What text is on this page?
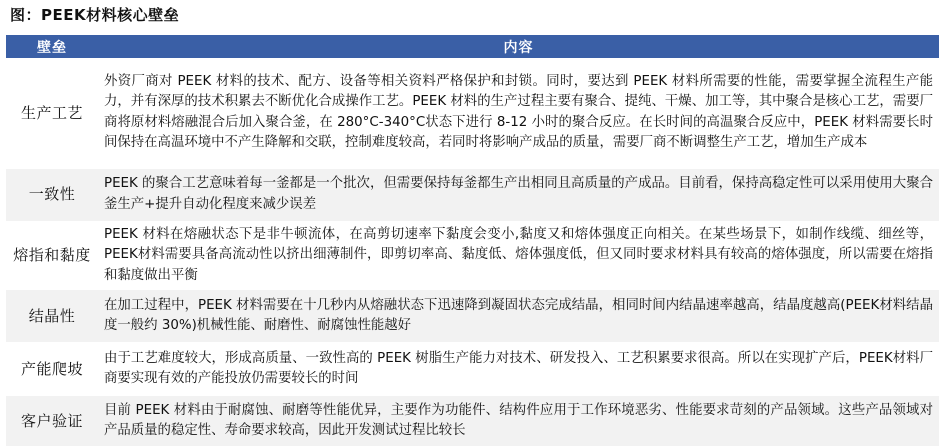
图：PEEK材料核心壁垒
壁垒	内容
生产工艺	外资厂商对 PEEK 材料的技术、配方、设备等相关资料严格保护和封锁。同时，要达到 PEEK 材料所需要的性能，需要掌握全流程生产能力，并有深厚的技术积累去不断优化合成操作工艺。PEEK 材料的生产过程主要有聚合、提纯、干燥、加工等，其中聚合是核心工艺，需要厂商将原材料熔融混合后加入聚合釜，在 280°C-340°C状态下进行 8-12 小时的聚合反应。在长时间的高温聚合反应中，PEEK 材料需要长时间保持在高温环境中不产生降解和交联，控制难度较高，若同时将影响产成品的质量，需要厂商不断调整生产工艺，增加生产成本
一致性	PEEK 的聚合工艺意味着每一釜都是一个批次，但需要保持每釜都生产出相同且高质量的产成品。目前看，保持高稳定性可以采用使用大聚合釜生产+提升自动化程度来减少误差
熔指和黏度	PEEK 材料在熔融状态下是非牛顿流体，在高剪切速率下黏度会变小,黏度又和熔体强度正向相关。在某些场景下，如制作线缆、细丝等，PEEK材料需要具备高流动性以挤出细薄制件，即剪切率高、黏度低、熔体强度低，但又同时要求材料具有较高的熔体强度，所以需要在熔指和黏度做出平衡
结晶性	在加工过程中，PEEK 材料需要在十几秒内从熔融状态下迅速降到凝固状态完成结晶，相同时间内结晶速率越高，结晶度越高(PEEK材料结晶度一般约 30%)机械性能、耐磨性、耐腐蚀性能越好
产能爬坡	由于工艺难度较大，形成高质量、一致性高的 PEEK 树脂生产能力对技术、研发投入、工艺积累要求很高。所以在实现扩产后，PEEK材料厂商要实现有效的产能投放仍需要较长的时间
客户验证	目前 PEEK 材料由于耐腐蚀、耐磨等性能优异，主要作为功能件、结构件应用于工作环境恶劣、性能要求苛刻的产品领域。这些产品领域对产品质量的稳定性、寿命要求较高，因此开发测试过程比较长
